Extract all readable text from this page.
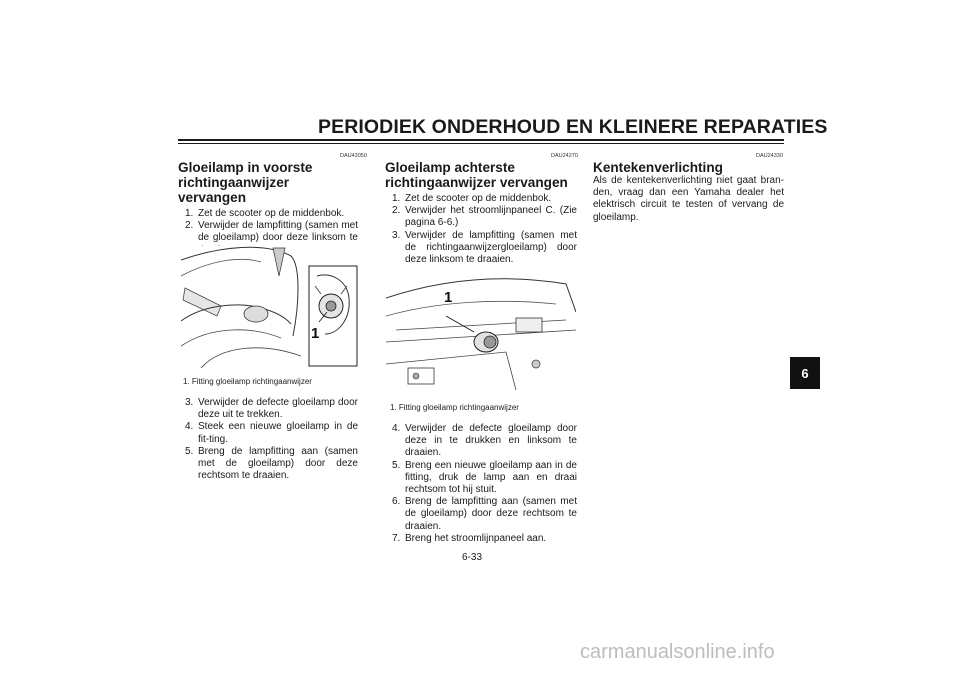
PERIODIEK ONDERHOUD EN KLEINERE REPARATIES
DAU43050
Gloeilamp in voorste
richtingaanwijzer vervangen
1. Zet de scooter op de middenbok.
2. Verwijder de lampfitting (samen met de gloeilamp) door deze linksom te
1
1. Fitting gloeilamp richtingaanwijzer
3. Verwijder de defecte gloeilamp door deze uit te trekken.
4. Steek een nieuwe gloeilamp in de fit-ting.
5. Breng de lampfitting aan (samen met de gloeilamp) door deze rechtsom te draaien.
DAU24270
Gloeilamp achterste
richtingaanwijzer vervangen
1. Zet de scooter op de middenbok.
2. Verwijder het stroomlijnpaneel C. (Zie pagina 6-6.)
3. Verwijder de lampfitting (samen met de richtingaanwijzergloeilamp) door deze linksom te draaien.
1
1. Fitting gloeilamp richtingaanwijzer
4. Verwijder de defecte gloeilamp door deze in te drukken en linksom te draaien.
5. Breng een nieuwe gloeilamp aan in de fitting, druk de lamp aan en draai rechtsom tot hij stuit.
6. Breng de lampfitting aan (samen met de gloeilamp) door deze rechtsom te draaien.
7. Breng het stroomlijnpaneel aan.
DAU24330
Kentekenverlichting
Als de kentekenverlichting niet gaat bran-den, vraag dan een Yamaha dealer het elektrisch circuit te testen of vervang de gloeilamp.
6
6-33
carmanualsonline.info
